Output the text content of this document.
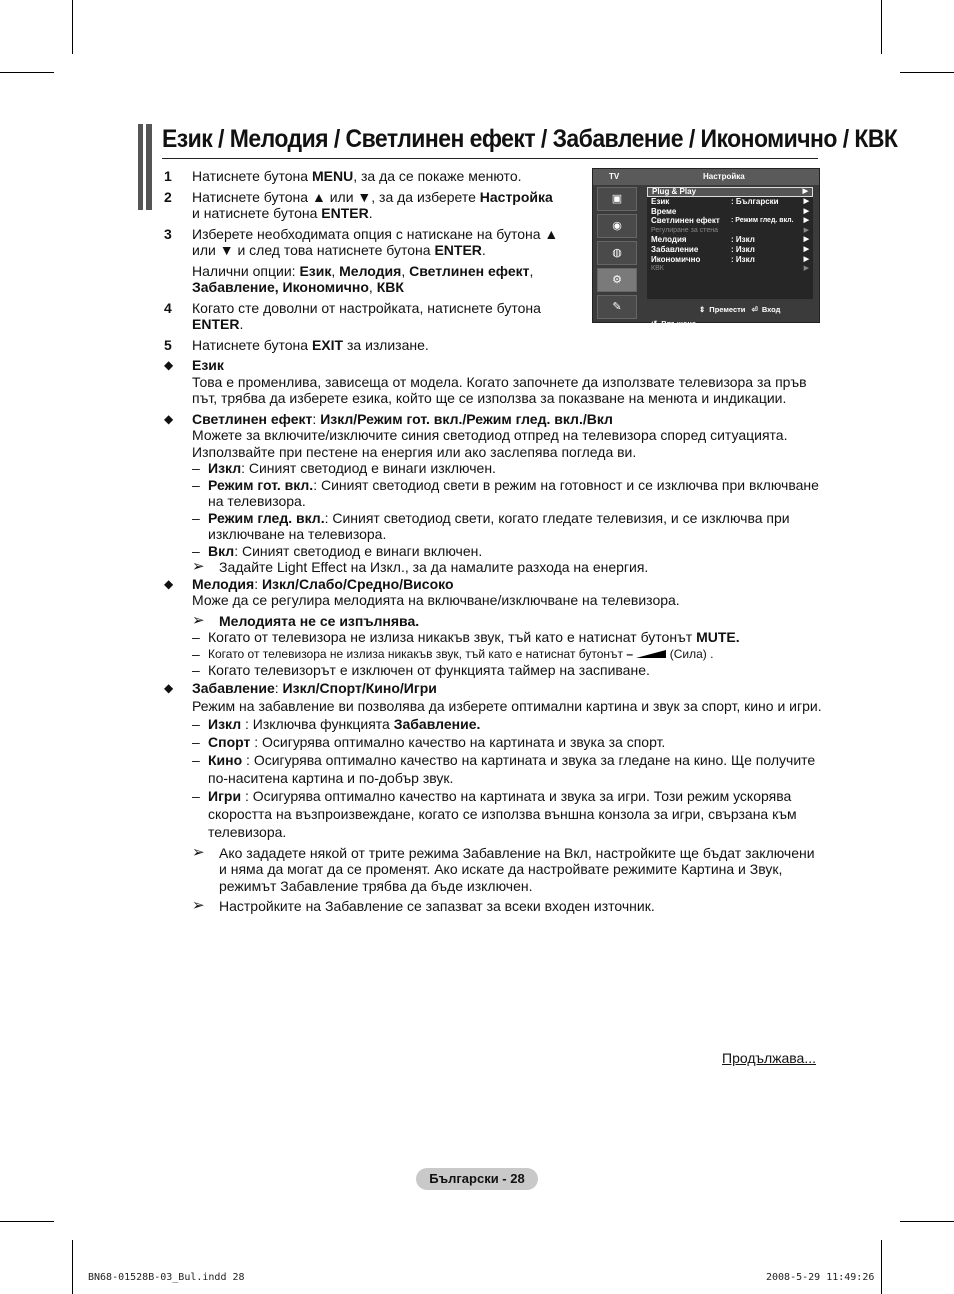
Език / Мелодия / Светлинен ефект / Забавление / Икономично / КВК
1 Натиснете бутона MENU, за да се покаже менюто.
2 Натиснете бутона ▲ или ▼, за да изберете Настройка и натиснете бутона ENTER.
3 Изберете необходимата опция с натискане на бутона ▲ или ▼ и след това натиснете бутона ENTER.
Налични опции: Език, Мелодия, Светлинен ефект,
Забавление, Икономично, КВК
4 Когато сте доволни от настройката, натиснете бутона ENTER.
5 Натиснете бутона EXIT за излизане.
◆ Език
Това е променлива, зависеща от модела. Когато започнете да използвате телевизора за пръв път, трябва да изберете езика, който ще се използва за показване на менюта и индикации.
◆ Светлинен ефект: Изкл/Режим гот. вкл./Режим глед. вкл./Вкл
Можете за включите/изключите синия светодиод отпред на телевизора според ситуацията. Използвайте при пестене на енергия или ако заслепява погледа ви.
– Изкл: Синият светодиод е винаги изключен.
– Режим гот. вкл.: Синият светодиод свети в режим на готовност и се изключва при включване на телевизора.
– Режим глед. вкл.: Синият светодиод свети, когато гледате телевизия, и се изключва при изключване на телевизора.
– Вкл: Синият светодиод е винаги включен.
➢ Задайте Light Effect на Изкл., за да намалите разхода на енергия.
◆ Мелодия: Изкл/Слабо/Средно/Високо
Може да се регулира мелодията на включване/изключване на телевизора.
➢ Мелодията не се изпълнява.
– Когато от телевизора не излиза никакъв звук, тъй като е натиснат бутонът MUTE.
– Когато от телевизора не излиза никакъв звук, тъй като е натиснат бутонът –	(Сила) .
– Когато телевизорът е изключен от функцията таймер на заспиване.
◆ Забавление: Изкл/Спорт/Кино/Игри
Режим на забавление ви позволява да изберете оптимални картина и звук за спорт, кино и игри.
– Изкл : Изключва функцията Забавление.
– Спорт : Осигурява оптимално качество на картината и звука за спорт.
– Кино : Осигурява оптимално качество на картината и звука за гледане на кино. Ще получите по-наситена картина и по-добър звук.
– Игри : Осигурява оптимално качество на картината и звука за игри. Този режим ускорява скоростта на възпроизвеждане, когато се използва външна конзола за игри, свързана към телевизора.
➢ Ако зададете някой от трите режима Забавление на Вкл, настройките ще бъдат заключени и няма да могат да се променят. Ако искате да настройвате режимите Картина и Звук, режимът Забавление трябва да бъде изключен.
➢ Настройките на Забавление се запазват за всеки входен източник.
TV	Настройка
▣
◉
◍
⚙
✎
Plug & Play	▶
Език	: Български	▶
Време	▶
Светлинен ефект : Режим глед. вкл. ▶
Регулиране за стена	▶
Мелодия	: Изкл	▶
Забавление	: Изкл	▶
Икономично	: Изкл	▶
КВК	▶
⇕ Премести ⏎ Вход ↺ Връщане
Продължава...
Български - 28
BN68-01528B-03_Bul.indd 28	2008-5-29 11:49:26
